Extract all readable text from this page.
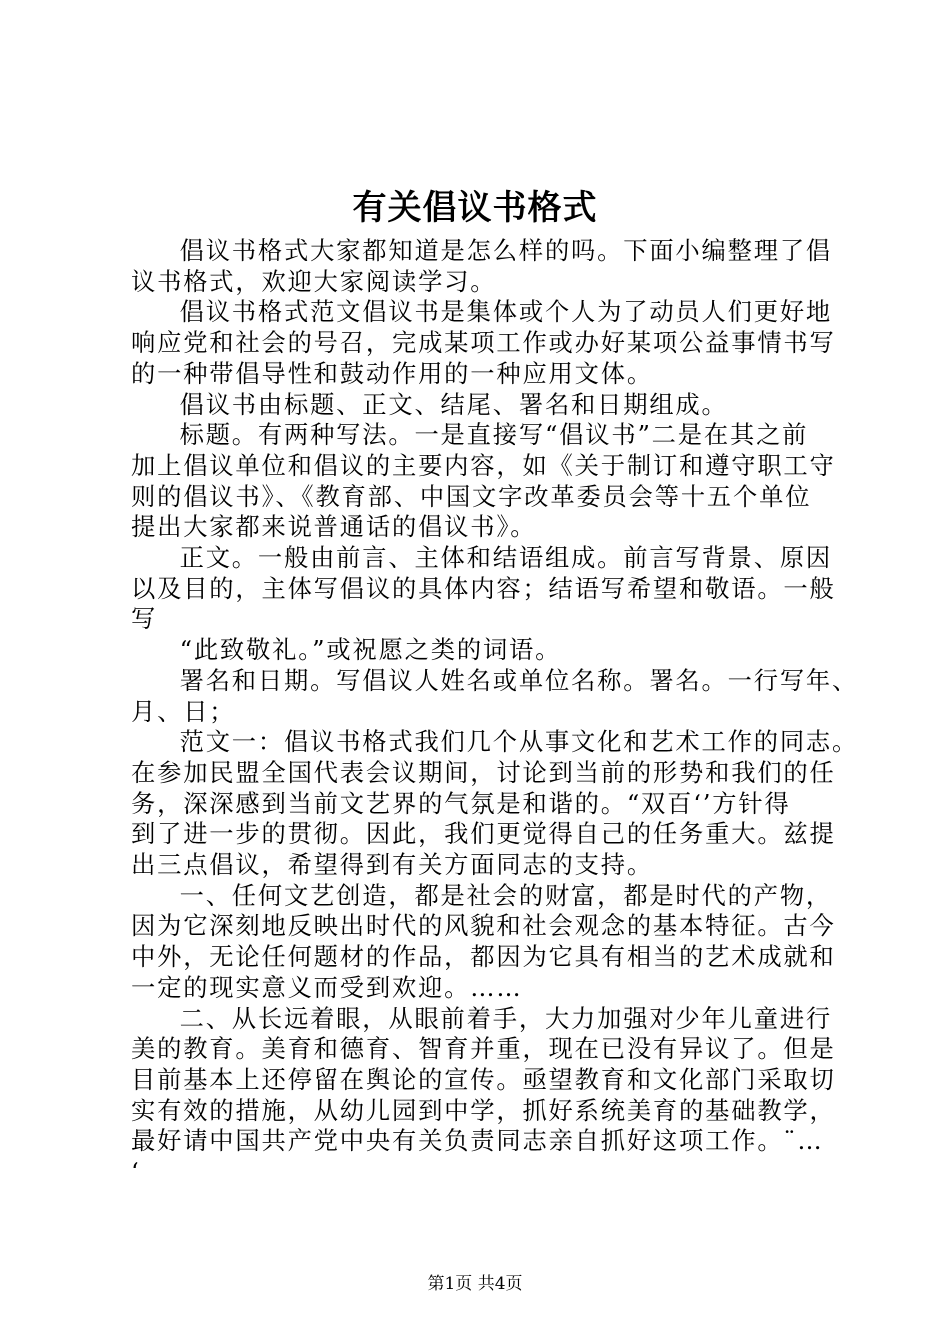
有关倡议书格式
倡议书格式大家都知道是怎么样的吗。下面小编整理了倡
议书格式，欢迎大家阅读学习。
倡议书格式范文倡议书是集体或个人为了动员人们更好地
响应党和社会的号召，完成某项工作或办好某项公益事情书写
的一种带倡导性和鼓动作用的一种应用文体。
倡议书由标题、正文、结尾、署名和日期组成。
标题。有两种写法。一是直接写“倡议书”二是在其之前
加上倡议单位和倡议的主要内容，如《关于制订和遵守职工守
则的倡议书》、《教育部、中国文字改革委员会等十五个单位
提出大家都来说普通话的倡议书》。
正文。一般由前言、主体和结语组成。前言写背景、原因
以及目的，主体写倡议的具体内容；结语写希望和敬语。一般
写
“此致敬礼。”或祝愿之类的词语。
署名和日期。写倡议人姓名或单位名称。署名。一行写年、
月、日；
范文一：倡议书格式我们几个从事文化和艺术工作的同志。
在参加民盟全国代表会议期间，讨论到当前的形势和我们的任
务，深深感到当前文艺界的气氛是和谐的。“双百‘’方针得
到了进一步的贯彻。因此，我们更觉得自己的任务重大。兹提
出三点倡议，希望得到有关方面同志的支持。
一、任何文艺创造，都是社会的财富，都是时代的产物，
因为它深刻地反映出时代的风貌和社会观念的基本特征。古今
中外，无论任何题材的作品，都因为它具有相当的艺术成就和
一定的现实意义而受到欢迎。……
二、从长远着眼，从眼前着手，大力加强对少年儿童进行
美的教育。美育和德育、智育并重，现在已没有异议了。但是
目前基本上还停留在舆论的宣传。亟望教育和文化部门采取切
实有效的措施，从幼儿园到中学，抓好系统美育的基础教学，
最好请中国共产党中央有关负责同志亲自抓好这项工作。¨…
‘
第1页 共4页
